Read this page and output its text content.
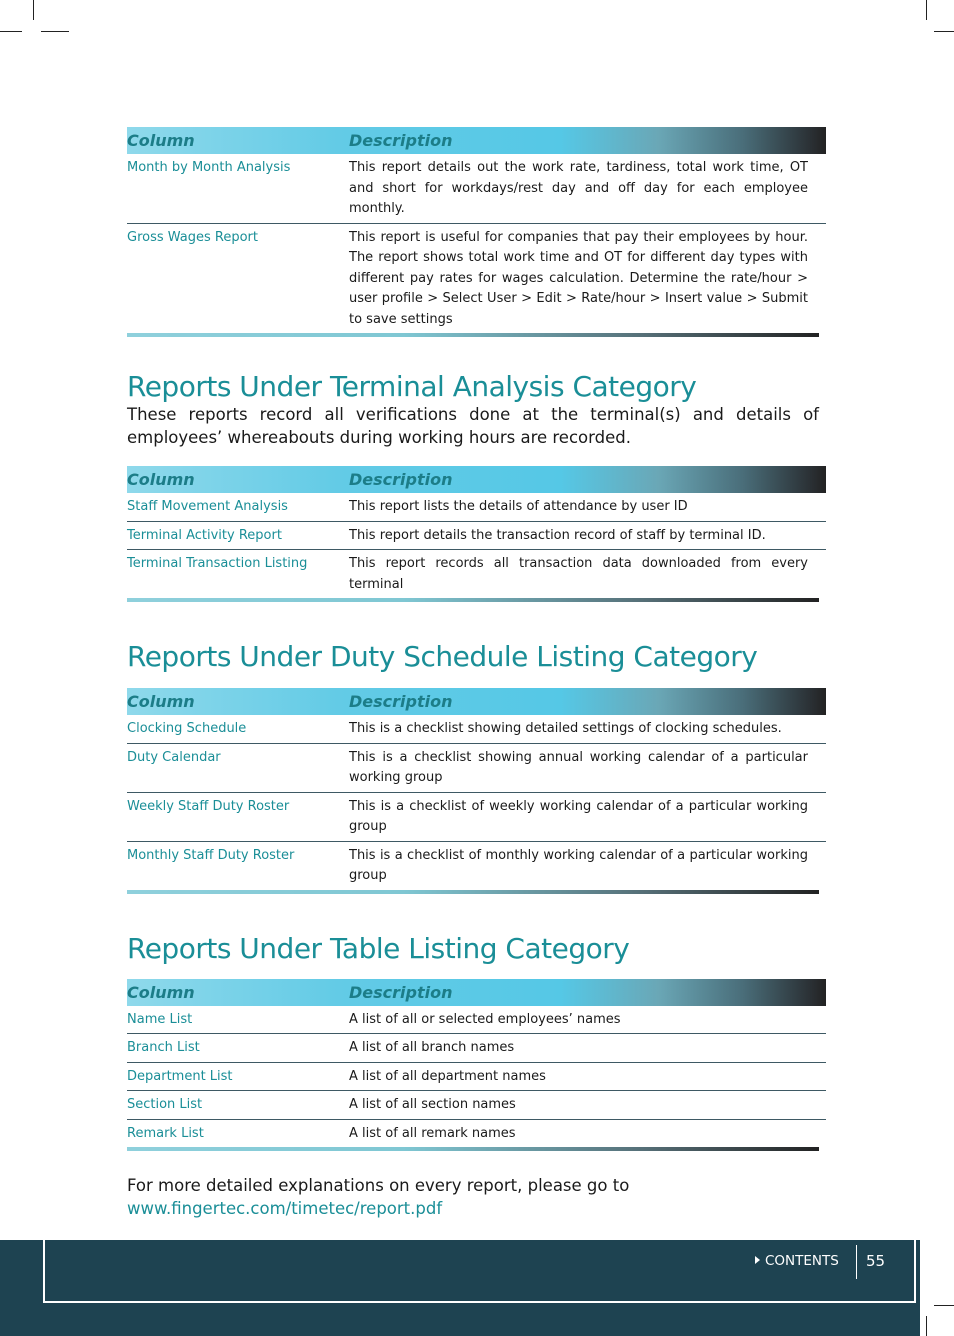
Column	Description
Month by Month Analysis	This report details out the work rate, tardiness, total work time, OT and short for workdays/rest day and off day for each employee monthly.
Gross Wages Report	This report is useful for companies that pay their employees by hour. The report shows total work time and OT for different day types with different pay rates for wages calculation. Determine the rate/hour > user profile > Select User > Edit > Rate/hour > Insert value > Submit to save settings
Reports Under Terminal Analysis Category

These reports record all verifications done at the terminal(s) and details of employees’ whereabouts during working hours are recorded.

Column	Description
Staff Movement Analysis	This report lists the details of attendance by user ID
Terminal Activity Report	This report details the transaction record of staff by terminal ID.
Terminal Transaction Listing	This report records all transaction data downloaded from every terminal
Reports Under Duty Schedule Listing Category
Column	Description
Clocking Schedule	This is a checklist showing detailed settings of clocking schedules.
Duty Calendar	This is a checklist showing annual working calendar of a particular working group
Weekly Staff Duty Roster	This is a checklist of weekly working calendar of a particular working group
Monthly Staff Duty Roster	This is a checklist of monthly working calendar of a particular working group
Reports Under Table Listing Category
Column	Description
Name List	A list of all or selected employees’ names
Branch List	A list of all branch names
Department List	A list of all department names
Section List	A list of all section names
Remark List	A list of all remark names

For more detailed explanations on every report, please go to www.fingertec.com/timetec/report.pdf

CONTENTS 55
